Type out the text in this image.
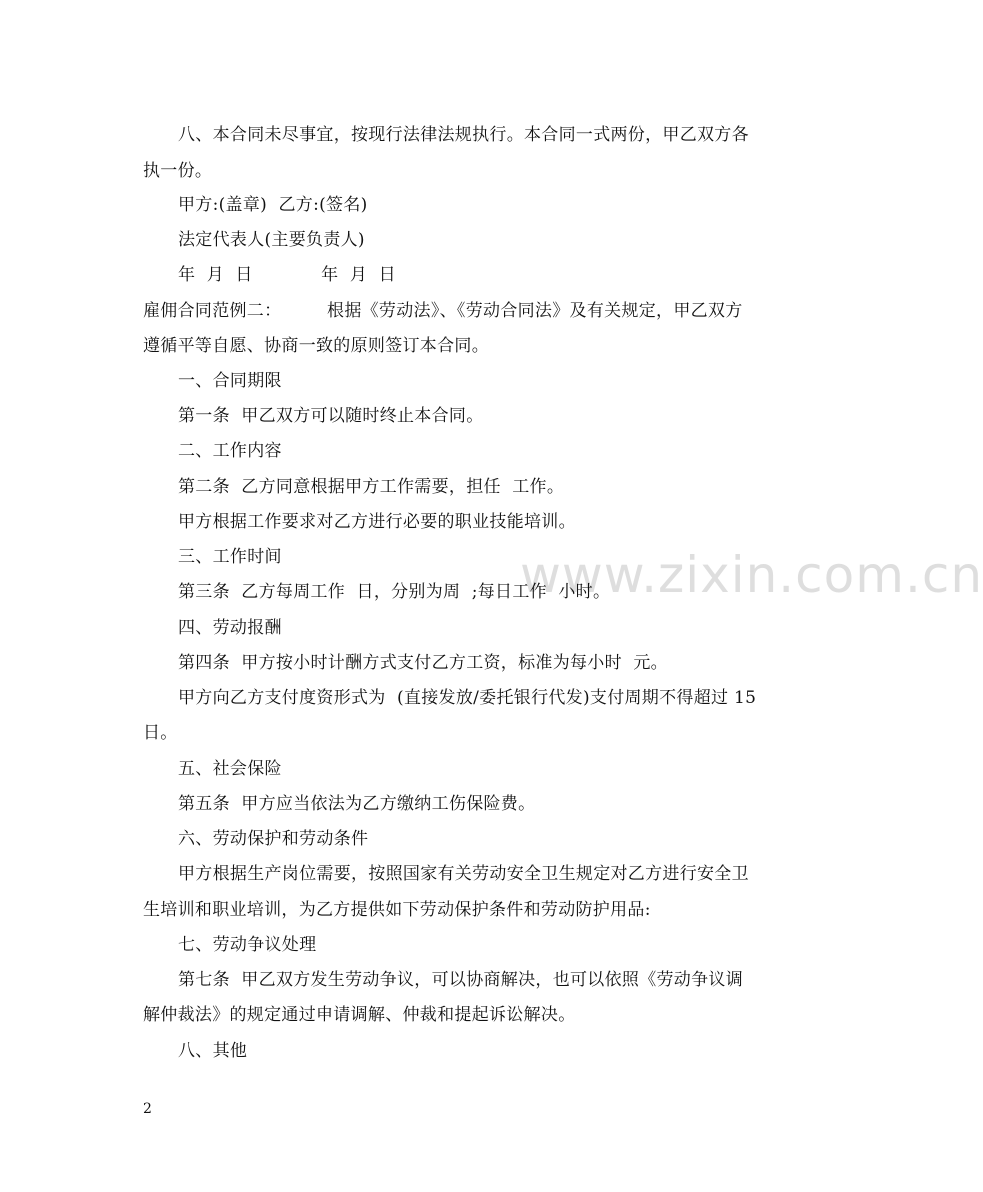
www.zixin.com.cn
八、本合同未尽事宜，按现行法律法规执行。本合同一式两份，甲乙双方各
执一份。
甲方:(盖章)  乙方:(签名)
法定代表人(主要负责人)
年  月  日            年  月  日
雇佣合同范例二：        根据《劳动法》、《劳动合同法》及有关规定，甲乙双方
遵循平等自愿、协商一致的原则签订本合同。
一、合同期限
第一条  甲乙双方可以随时终止本合同。
二、工作内容
第二条  乙方同意根据甲方工作需要，担任  工作。
甲方根据工作要求对乙方进行必要的职业技能培训。
三、工作时间
第三条  乙方每周工作  日，分别为周  ;每日工作  小时。
四、劳动报酬
第四条  甲方按小时计酬方式支付乙方工资，标准为每小时  元。
甲方向乙方支付度资形式为  (直接发放/委托银行代发)支付周期不得超过 15
日。
五、社会保险
第五条  甲方应当依法为乙方缴纳工伤保险费。
六、劳动保护和劳动条件
甲方根据生产岗位需要，按照国家有关劳动安全卫生规定对乙方进行安全卫
生培训和职业培训，为乙方提供如下劳动保护条件和劳动防护用品:
七、劳动争议处理
第七条  甲乙双方发生劳动争议，可以协商解决，也可以依照《劳动争议调
解仲裁法》的规定通过申请调解、仲裁和提起诉讼解决。
八、其他
2
